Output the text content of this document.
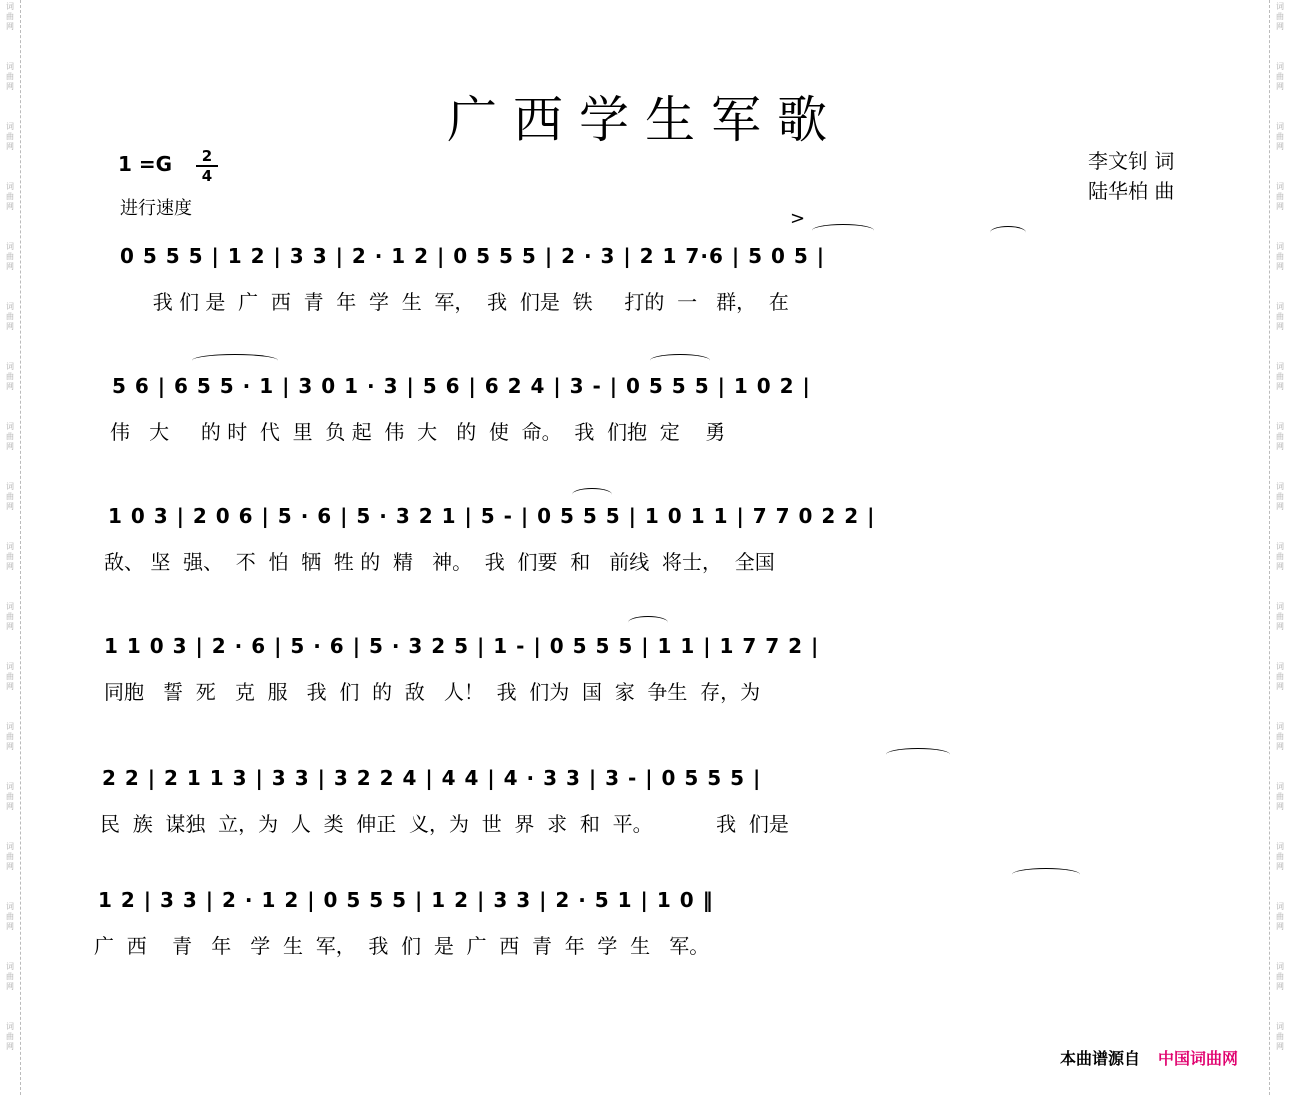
词
曲
网
词
曲
网
词
曲
网
词
曲
网
词
曲
网
词
曲
网
词
曲
网
词
曲
网
词
曲
网
词
曲
网
词
曲
网
词
曲
网
词
曲
网
词
曲
网
词
曲
网
词
曲
网
词
曲
网
词
曲
网
词
曲
网
词
曲
网
词
曲
网
词
曲
网
词
曲
网
词
曲
网
词
曲
网
词
曲
网
词
曲
网
词
曲
网
词
曲
网
词
曲
网
词
曲
网
词
曲
网
词
曲
网
词
曲
网
词
曲
网
词
曲
网
广西学生军歌
1 =G	2
4
进行速度
李文钊 词
陆华柏 曲
0 5 5 5 | 1 2 | 3 3 | 2 · 1 2 | 0 5 5 5 | 2 · 3 | 2 1 7·6 | 5 0 5 |
我 们 是  广  西  青  年  学  生  军，  我  们是  铁     打的  一   群，  在
5 6 | 6 5 5 · 1 | 3 0 1 · 3 | 5 6 | 6 2 4 | 3 - | 0 5 5 5 | 1 0 2 |
伟   大     的 时  代  里  负 起  伟  大   的  使  命。  我  们抱  定    勇
1 0 3 | 2 0 6 | 5 · 6 | 5 · 3 2 1 | 5 - | 0 5 5 5 | 1 0 1 1 | 7 7 0 2 2 |
敌、 坚  强、  不  怕  牺  牲 的  精   神。  我  们要  和   前线  将士，  全国
1 1 0 3 | 2 · 6 | 5 · 6 | 5 · 3 2 5 | 1 - | 0 5 5 5 | 1 1 | 1 7 7 2 |
同胞   誓  死   克  服   我  们  的  敌   人！  我  们为  国  家  争生  存，为
2 2 | 2 1 1 3 | 3 3 | 3 2 2 4 | 4 4 | 4 · 3 3 | 3 - | 0 5 5 5 |
民  族  谋独  立，为  人  类  伸正  义，为  世  界  求  和  平。          我  们是
1 2 | 3 3 | 2 · 1 2 | 0 5 5 5 | 1 2 | 3 3 | 2 · 5 1 | 1 0 ‖
广  西    青   年   学  生  军，  我  们  是  广  西  青  年  学  生   军。
>
本曲谱源自 中国词曲网
